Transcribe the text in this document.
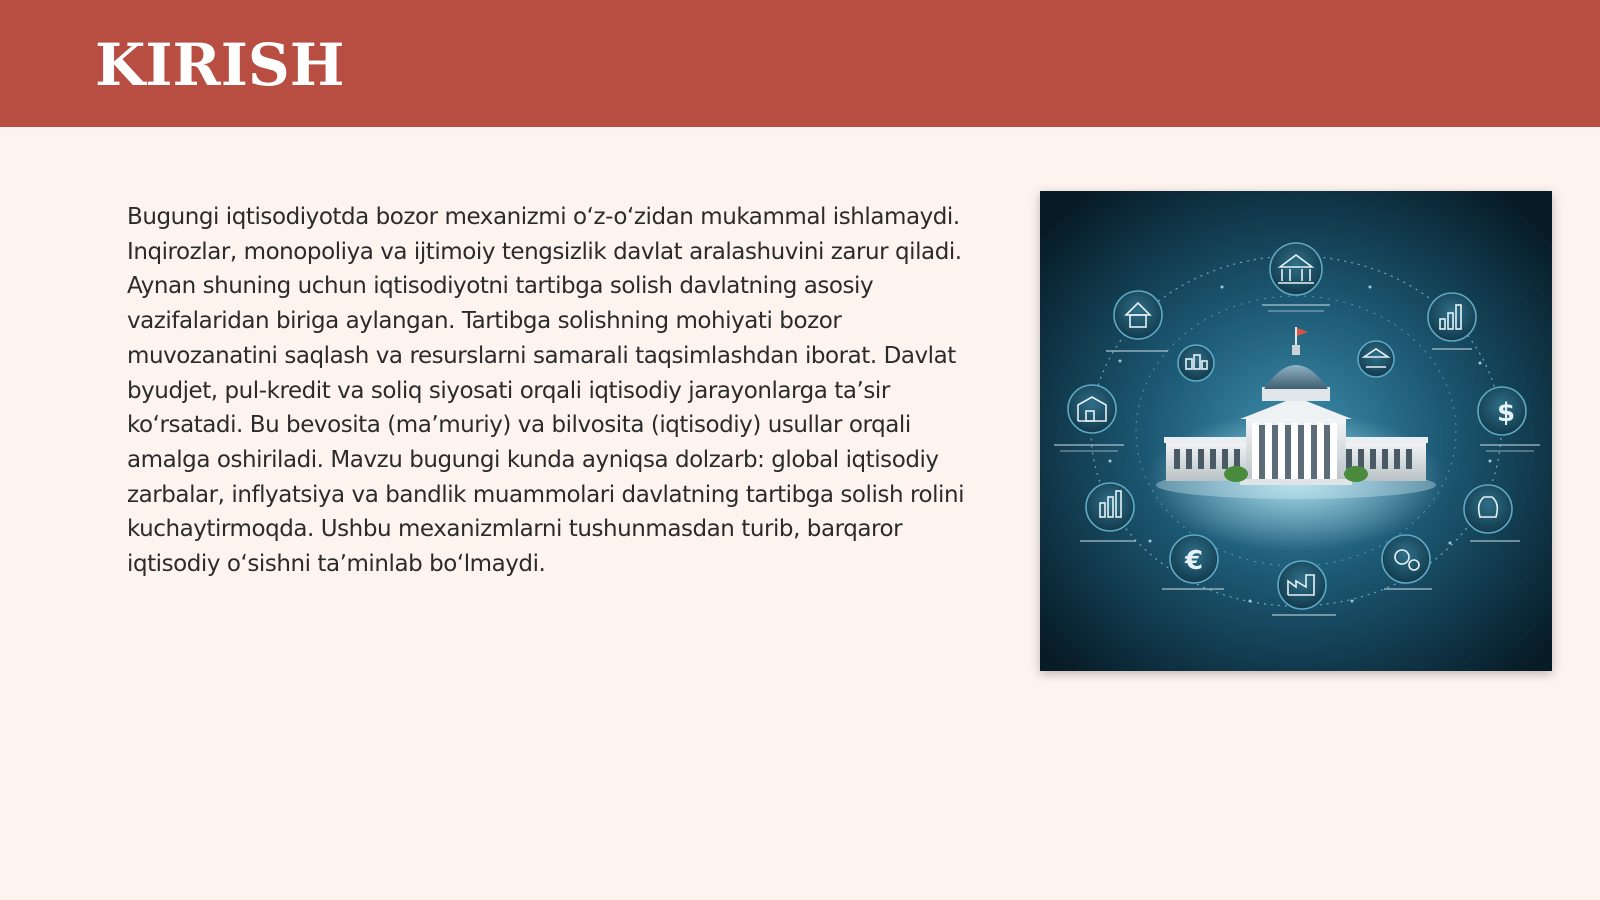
KIRISH

Bugungi iqtisodiyotda bozor mexanizmi oʻz-oʻzidan mukammal ishlamaydi. Inqirozlar, monopoliya va ijtimoiy tengsizlik davlat aralashuvini zarur qiladi. Aynan shuning uchun iqtisodiyotni tartibga solish davlatning asosiy vazifalaridan biriga aylangan. Tartibga solishning mohiyati bozor muvozanatini saqlash va resurslarni samarali taqsimlashdan iborat. Davlat byudjet, pul-kredit va soliq siyosati orqali iqtisodiy jarayonlarga taʼsir koʻrsatadi. Bu bevosita (maʼmuriy) va bilvosita (iqtisodiy) usullar orqali amalga oshiriladi. Mavzu bugungi kunda ayniqsa dolzarb: global iqtisodiy zarbalar, inflyatsiya va bandlik muammolari davlatning tartibga solish rolini kuchaytirmoqda. Ushbu mexanizmlarni tushunmasdan turib, barqaror iqtisodiy oʻsishni taʼminlab boʻlmaydi.

$
€
